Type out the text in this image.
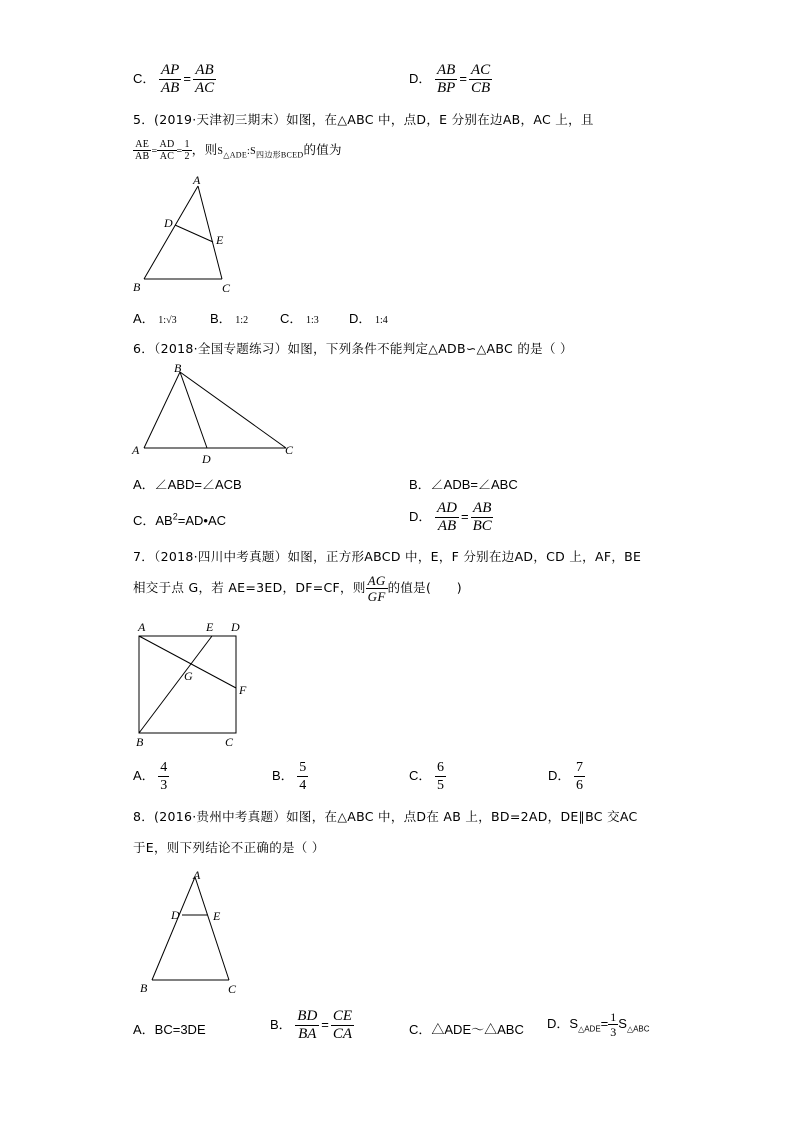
C． $\frac{AP}{AB} = \frac{AB}{AC}$	D． $\frac{AB}{BP} = \frac{AC}{CB}$
5．(2019·天津初三期末）如图，在△ABC 中，点D，E 分别在边AB，AC 上，且
$\frac{AE}{AB} = \frac{AD}{AC} = \frac{1}{2}$ ，则$S_{\triangle ADE}:S_{四边形BCED}$的值为
A
D
E
B	C
A． 1:√3	B． 1:2 C． 1:3 D． 1:4
6．（2018·全国专题练习）如图，下列条件不能判定△ADB∽△ABC 的是（ ）
B
A	C
D
A．∠ABD=∠ACB	B．∠ADB=∠ABC
C．$AB^2=AD•AC$	D． $\frac{AD}{AB} = \frac{AB}{BC}$
7．（2018·四川中考真题）如图，正方形ABCD 中，E，F 分别在边AD，CD 上，AF，BE
相交于点 G，若 AE=3ED，DF=CF，则 $\frac{AG}{GF}$ 的值是(　　)
A	E D
G
F
B	C
A． $\frac{4}{3}$	B． $\frac{5}{4}$	C． $\frac{6}{5}$	D． $\frac{7}{6}$
8．(2016·贵州中考真题）如图，在△ABC 中，点D在 AB 上，BD=2AD，DE∥BC 交AC
于E，则下列结论不正确的是（ ）
A
D	E
B	C
A．BC=3DE	B． $\frac{BD}{BA} = \frac{CE}{CA}$	C．△ADE～△ABC D．$S_{\triangle ADE}= \frac{1}{3} S_{\triangle ABC}$
